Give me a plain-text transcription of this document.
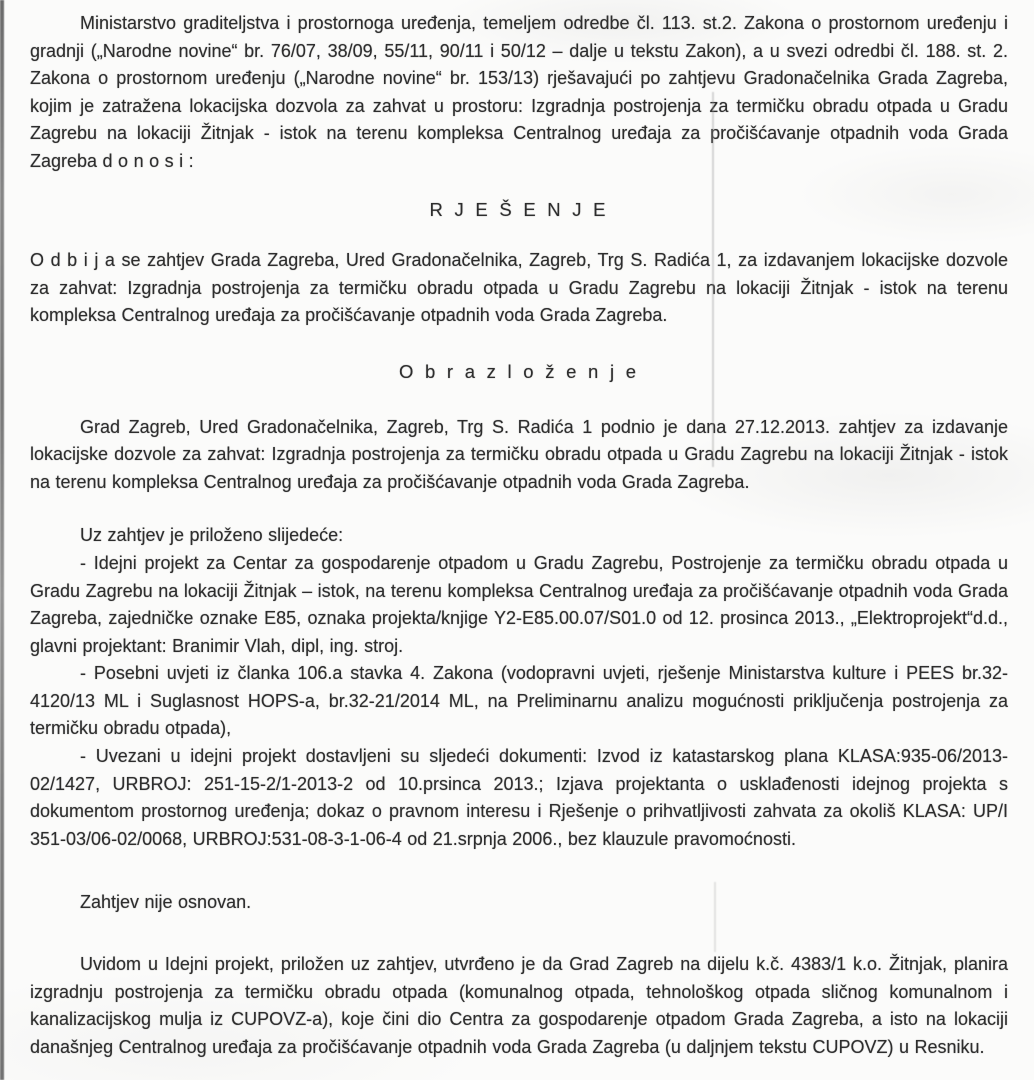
Ministarstvo graditeljstva i prostornoga uređenja, temeljem odredbe čl. 113. st.2. Zakona o prostornom uređenju i gradnji („Narodne novine“ br. 76/07, 38/09, 55/11, 90/11 i 50/12 – dalje u tekstu Zakon), a u svezi odredbi čl. 188. st. 2. Zakona o prostornom uređenju („Narodne novine“ br. 153/13) rješavajući po zahtjevu Gradonačelnika Grada Zagreba, kojim je zatražena lokacijska dozvola za zahvat u prostoru: Izgradnja postrojenja za termičku obradu otpada u Gradu Zagrebu na lokaciji Žitnjak - istok na terenu kompleksa Centralnog uređaja za pročišćavanje otpadnih voda Grada Zagreba d o n o s i :

R J E Š E N J E

O d b i j a se zahtjev Grada Zagreba, Ured Gradonačelnika, Zagreb, Trg S. Radića 1, za izdavanjem lokacijske dozvole za zahvat: Izgradnja postrojenja za termičku obradu otpada u Gradu Zagrebu na lokaciji Žitnjak - istok na terenu kompleksa Centralnog uređaja za pročišćavanje otpadnih voda Grada Zagreba.

O b r a z l o ž e n j e

Grad Zagreb, Ured Gradonačelnika, Zagreb, Trg S. Radića 1 podnio je dana 27.12.2013. zahtjev za izdavanje lokacijske dozvole za zahvat: Izgradnja postrojenja za termičku obradu otpada u Gradu Zagrebu na lokaciji Žitnjak - istok na terenu kompleksa Centralnog uređaja za pročišćavanje otpadnih voda Grada Zagreba.

Uz zahtjev je priloženo slijedeće:

- Idejni projekt za Centar za gospodarenje otpadom u Gradu Zagrebu, Postrojenje za termičku obradu otpada u Gradu Zagrebu na lokaciji Žitnjak – istok, na terenu kompleksa Centralnog uređaja za pročišćavanje otpadnih voda Grada Zagreba, zajedničke oznake E85, oznaka projekta/knjige Y2-E85.00.07/S01.0 od 12. prosinca 2013., „Elektroprojekt“d.d., glavni projektant: Branimir Vlah, dipl, ing. stroj.

- Posebni uvjeti iz članka 106.a stavka 4. Zakona (vodopravni uvjeti, rješenje Ministarstva kulture i PEES br.32-4120/13 ML i Suglasnost HOPS-a, br.32-21/2014 ML, na Preliminarnu analizu mogućnosti priključenja postrojenja za termičku obradu otpada),

- Uvezani u idejni projekt dostavljeni su sljedeći dokumenti: Izvod iz katastarskog plana KLASA:935-06/2013-02/1427, URBROJ: 251-15-2/1-2013-2 od 10.prsinca 2013.; Izjava projektanta o usklađenosti idejnog projekta s dokumentom prostornog uređenja; dokaz o pravnom interesu i Rješenje o prihvatljivosti zahvata za okoliš KLASA: UP/I 351-03/06-02/0068, URBROJ:531-08-3-1-06-4 od 21.srpnja 2006., bez klauzule pravomoćnosti.

Zahtjev nije osnovan.

Uvidom u Idejni projekt, priložen uz zahtjev, utvrđeno je da Grad Zagreb na dijelu k.č. 4383/1 k.o. Žitnjak, planira izgradnju postrojenja za termičku obradu otpada (komunalnog otpada, tehnološkog otpada sličnog komunalnom i kanalizacijskog mulja iz CUPOVZ-a), koje čini dio Centra za gospodarenje otpadom Grada Zagreba, a isto na lokaciji današnjeg Centralnog uređaja za pročišćavanje otpadnih voda Grada Zagreba (u daljnjem tekstu CUPOVZ) u Resniku.
